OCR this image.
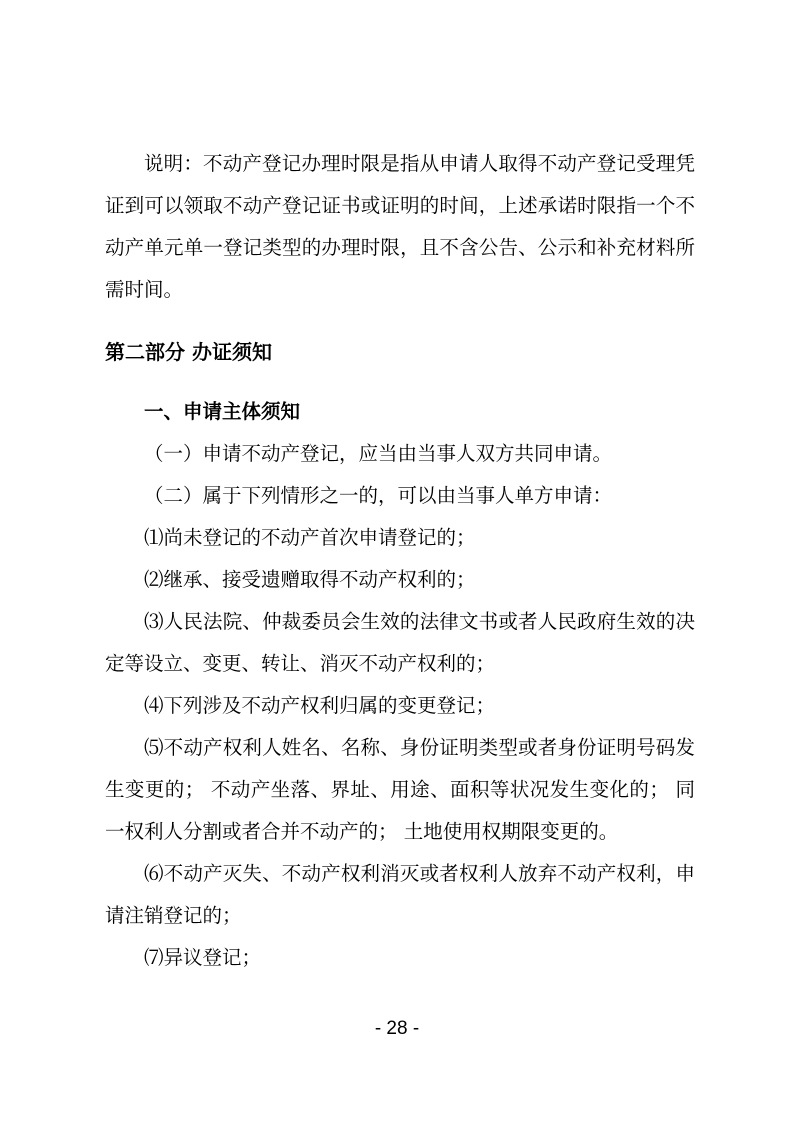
说明：不动产登记办理时限是指从申请人取得不动产登记受理凭证到可以领取不动产登记证书或证明的时间，上述承诺时限指一个不动产单元单一登记类型的办理时限，且不含公告、公示和补充材料所需时间。

第二部分 办证须知
一、申请主体须知

（一）申请不动产登记，应当由当事人双方共同申请。

（二）属于下列情形之一的，可以由当事人单方申请：

⑴尚未登记的不动产首次申请登记的；

⑵继承、接受遗赠取得不动产权利的；

⑶人民法院、仲裁委员会生效的法律文书或者人民政府生效的决定等设立、变更、转让、消灭不动产权利的；

⑷下列涉及不动产权利归属的变更登记；

⑸不动产权利人姓名、名称、身份证明类型或者身份证明号码发生变更的； 不动产坐落、界址、用途、面积等状况发生变化的； 同一权利人分割或者合并不动产的； 土地使用权期限变更的。

⑹不动产灭失、不动产权利消灭或者权利人放弃不动产权利，申请注销登记的；

⑺异议登记；

- 28 -
